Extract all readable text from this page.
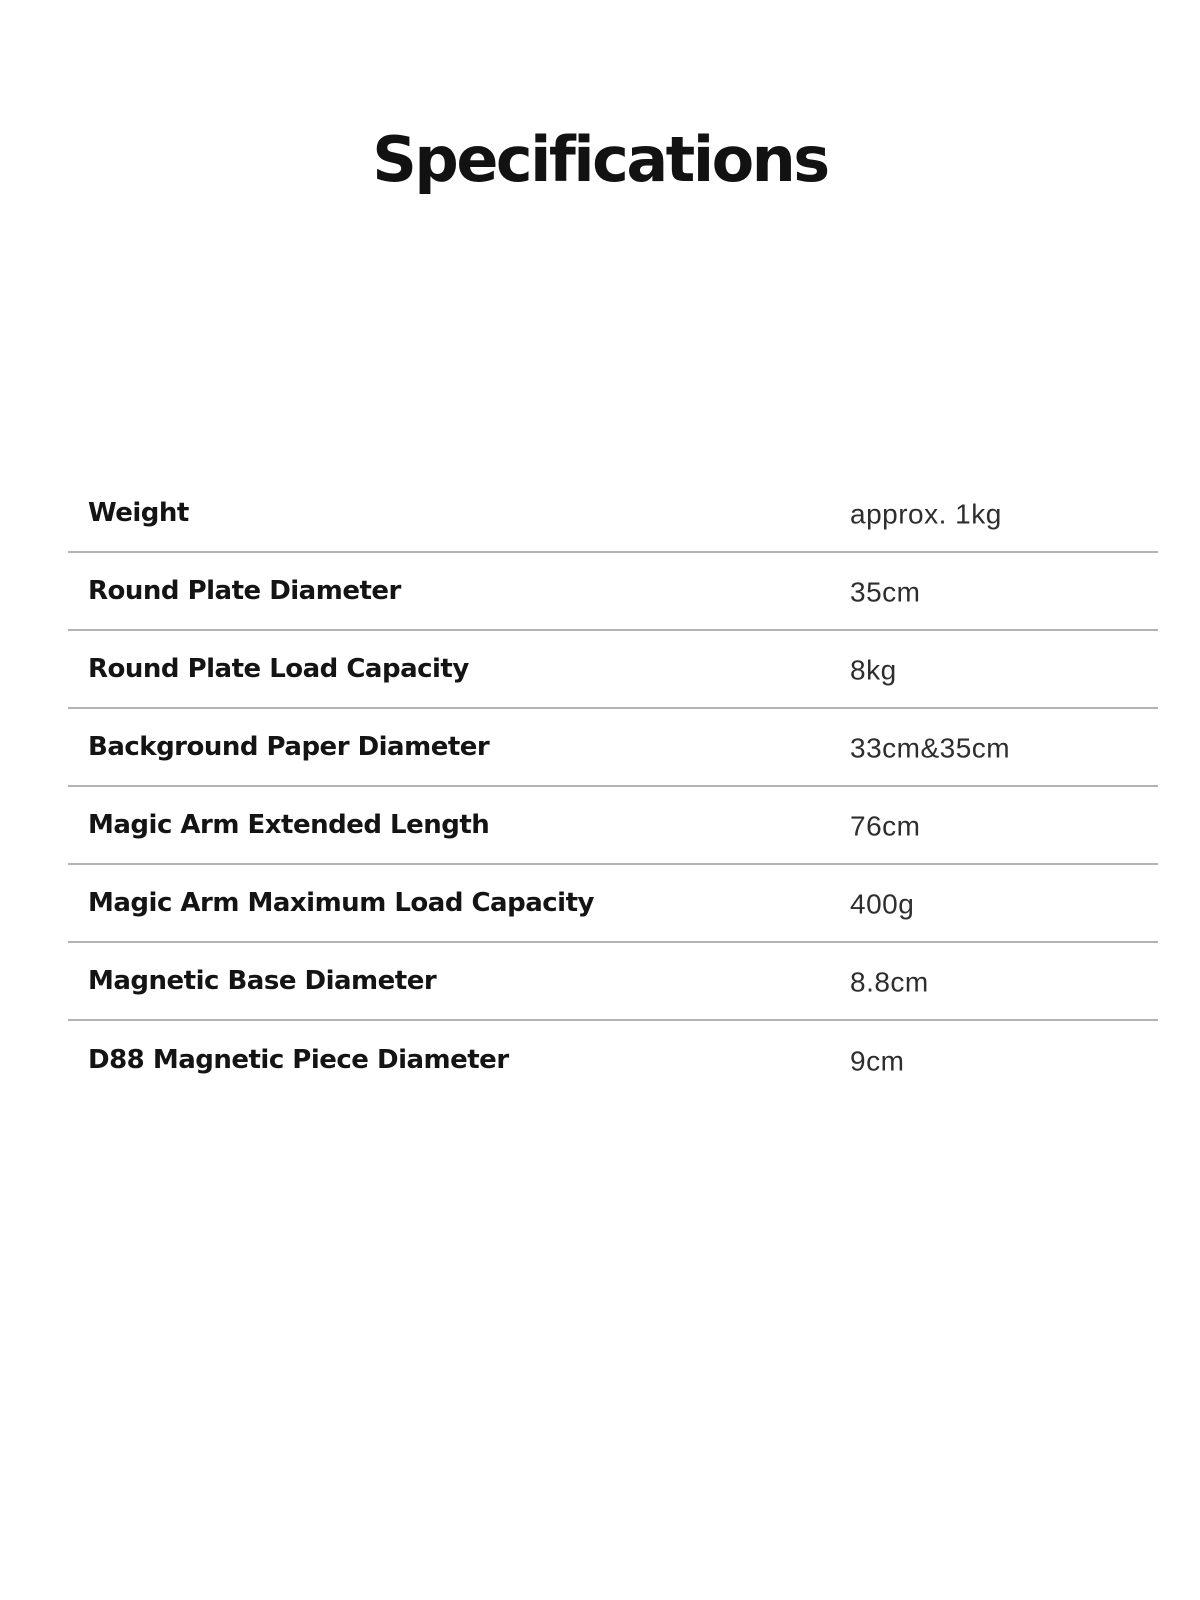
Specifications
Weight	approx. 1kg
Round Plate Diameter	35cm
Round Plate Load Capacity	8kg
Background Paper Diameter	33cm&35cm
Magic Arm Extended Length	76cm
Magic Arm Maximum Load Capacity	400g
Magnetic Base Diameter	8.8cm
D88 Magnetic Piece Diameter	9cm
